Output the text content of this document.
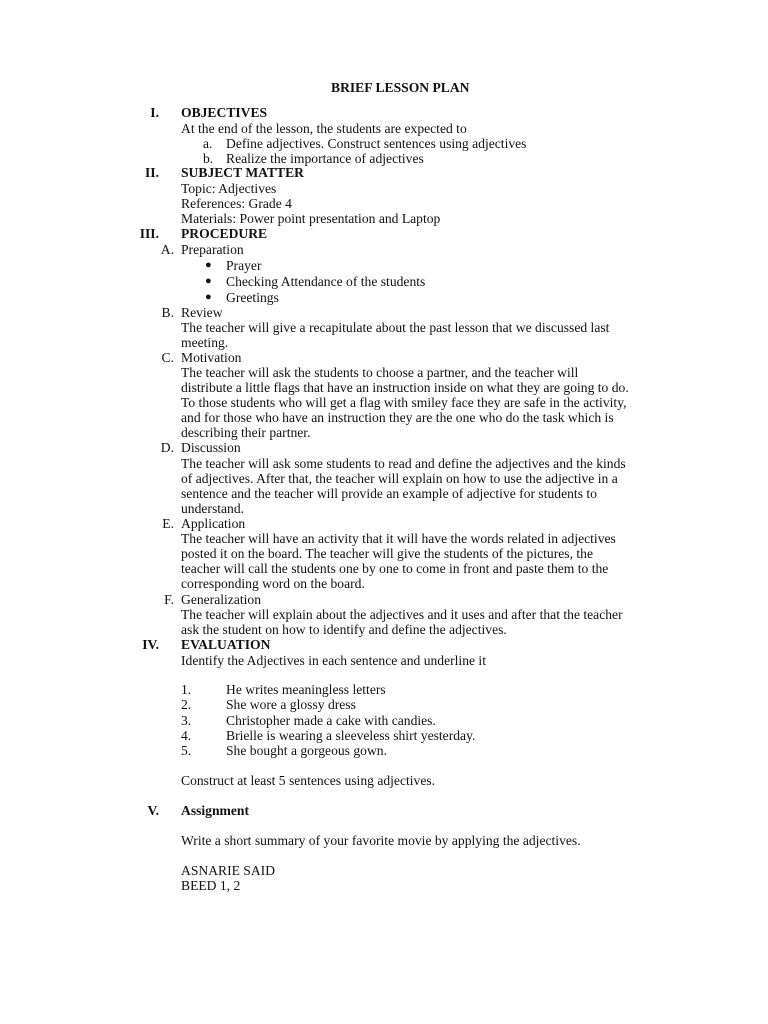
BRIEF LESSON PLAN
I. OBJECTIVES
At the end of the lesson, the students are expected to
a. Define adjectives. Construct sentences using adjectives
b. Realize the importance of adjectives
II. SUBJECT MATTER
Topic: Adjectives
References: Grade 4
Materials: Power point presentation and Laptop
III. PROCEDURE
A. Preparation
● Prayer
● Checking Attendance of the students
● Greetings
B. Review
The teacher will give a recapitulate about the past lesson that we discussed last
meeting.
C. Motivation
The teacher will ask the students to choose a partner, and the teacher will
distribute a little flags that have an instruction inside on what they are going to do.
To those students who will get a flag with smiley face they are safe in the activity,
and for those who have an instruction they are the one who do the task which is
describing their partner.
D. Discussion
The teacher will ask some students to read and define the adjectives and the kinds
of adjectives. After that, the teacher will explain on how to use the adjective in a
sentence and the teacher will provide an example of adjective for students to
understand.
E. Application
The teacher will have an activity that it will have the words related in adjectives
posted it on the board. The teacher will give the students of the pictures, the
teacher will call the students one by one to come in front and paste them to the
corresponding word on the board.
F. Generalization
The teacher will explain about the adjectives and it uses and after that the teacher
ask the student on how to identify and define the adjectives.
IV. EVALUATION
Identify the Adjectives in each sentence and underline it
1.	He writes meaningless letters
2.	She wore a glossy dress
3.	Christopher made a cake with candies.
4.	Brielle is wearing a sleeveless shirt yesterday.
5.	She bought a gorgeous gown.
Construct at least 5 sentences using adjectives.
V. Assignment
Write a short summary of your favorite movie by applying the adjectives.
ASNARIE SAID
BEED 1, 2
